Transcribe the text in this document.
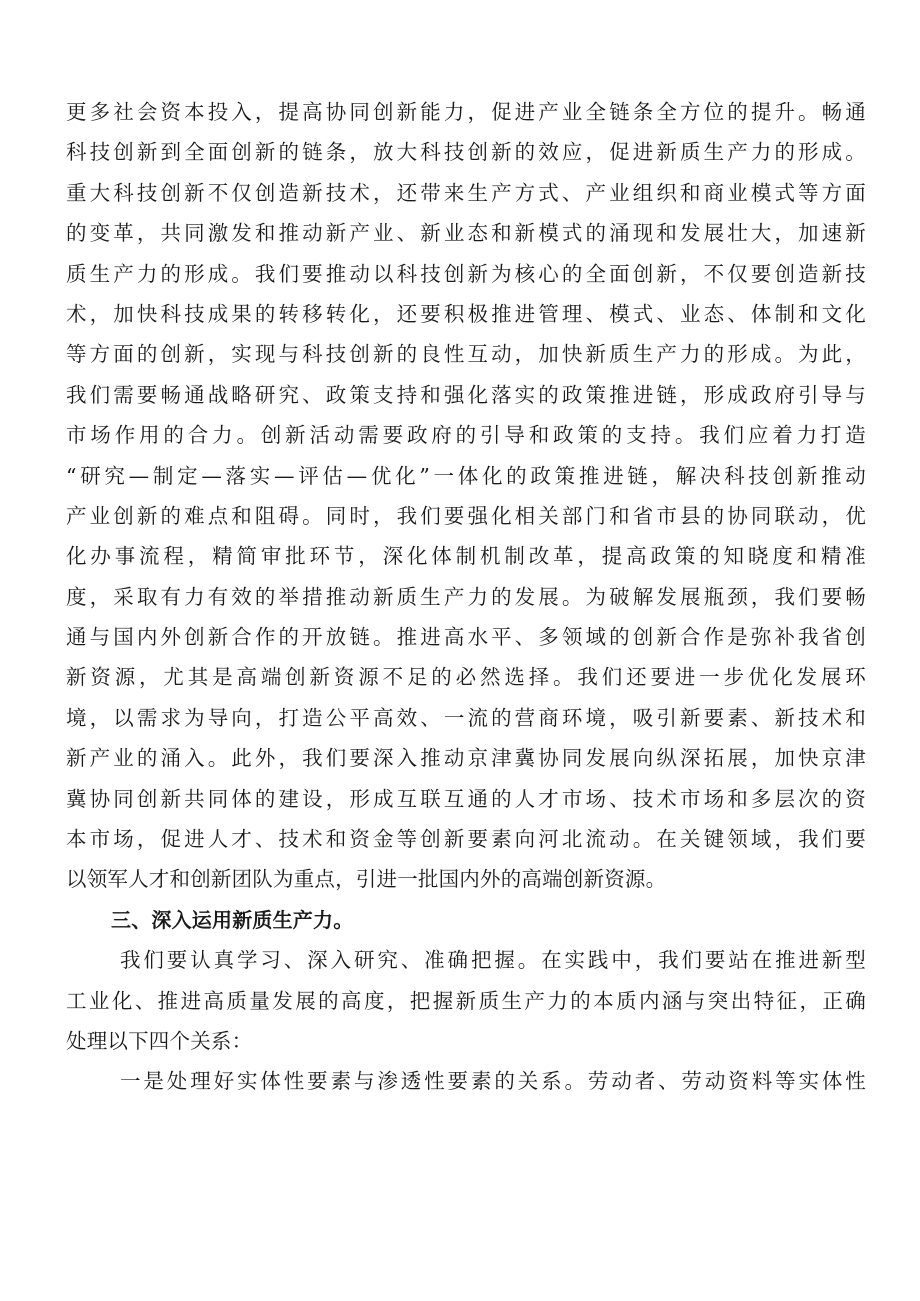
更多社会资本投入，提高协同创新能力，促进产业全链条全方位的提升。畅通
科技创新到全面创新的链条，放大科技创新的效应，促进新质生产力的形成。
重大科技创新不仅创造新技术，还带来生产方式、产业组织和商业模式等方面
的变革，共同激发和推动新产业、新业态和新模式的涌现和发展壮大，加速新
质生产力的形成。我们要推动以科技创新为核心的全面创新，不仅要创造新技
术，加快科技成果的转移转化，还要积极推进管理、模式、业态、体制和文化
等方面的创新，实现与科技创新的良性互动，加快新质生产力的形成。为此，
我们需要畅通战略研究、政策支持和强化落实的政策推进链，形成政府引导与
市场作用的合力。创新活动需要政府的引导和政策的支持。我们应着力打造
“研究—制定—落实—评估—优化”一体化的政策推进链，解决科技创新推动
产业创新的难点和阻碍。同时，我们要强化相关部门和省市县的协同联动，优
化办事流程，精简审批环节，深化体制机制改革，提高政策的知晓度和精准
度，采取有力有效的举措推动新质生产力的发展。为破解发展瓶颈，我们要畅
通与国内外创新合作的开放链。推进高水平、多领域的创新合作是弥补我省创
新资源，尤其是高端创新资源不足的必然选择。我们还要进一步优化发展环
境，以需求为导向，打造公平高效、一流的营商环境，吸引新要素、新技术和
新产业的涌入。此外，我们要深入推动京津冀协同发展向纵深拓展，加快京津
冀协同创新共同体的建设，形成互联互通的人才市场、技术市场和多层次的资
本市场，促进人才、技术和资金等创新要素向河北流动。在关键领域，我们要
以领军人才和创新团队为重点，引进一批国内外的高端创新资源。
三、深入运用新质生产力。
我们要认真学习、深入研究、准确把握。在实践中，我们要站在推进新型
工业化、推进高质量发展的高度，把握新质生产力的本质内涵与突出特征，正确
处理以下四个关系：
一是处理好实体性要素与渗透性要素的关系。劳动者、劳动资料等实体性
